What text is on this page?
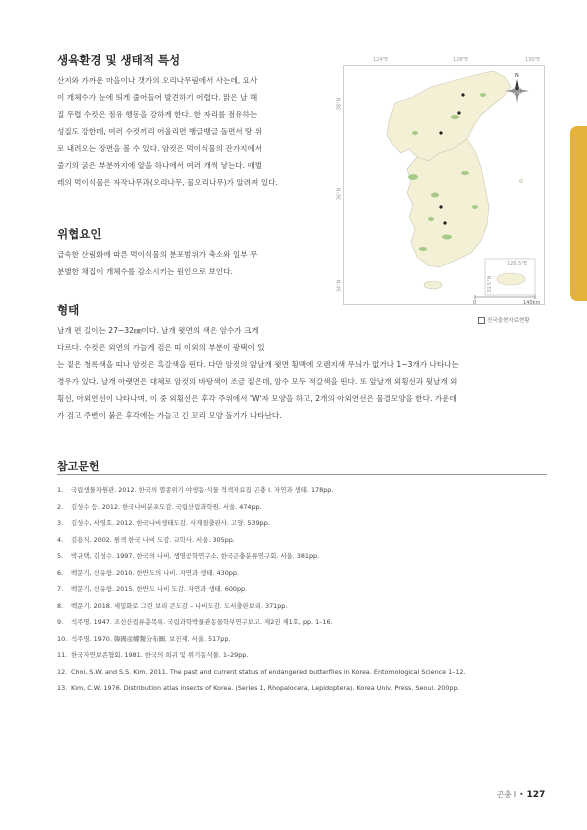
생육환경 및 생태적 특성
산지와 가까운 마을이나 갯가의 오리나무림에서 사는데, 요사
이 개체수가 눈에 띄게 줄어들어 발견하기 어렵다. 맑은 날 해
질 무렵 수컷은 점유 행동을 강하게 한다. 한 자리를 점유하는
성질도 강한데, 여러 수컷끼리 어울리면 뱅글뱅글 돌면서 땅 위
로 내려오는 장면을 볼 수 있다. 암컷은 먹이식물의 잔가지에서
줄기의 굵은 부분까지에 알을 하나에서 여러 개씩 낳는다. 애벌
레의 먹이식물은 자작나무과(오리나무, 물오리나무)가 알려져 있다.
위협요인
급속한 산림화에 따른 먹이식물의 분포범위가 축소와 일부 무
분별한 채집이 개체수를 감소시키는 원인으로 보인다.
형태
날개 편 길이는 27~32㎜이다. 날개 윗면의 색은 암수가 크게
다르다. 수컷은 외연의 가늘게 검은 띠 이외의 부분이 광택이 있
는 짙은 청록색을 띠나 암컷은 흑갈색을 띤다. 다만 암컷의 앞날개 윗면 횡맥에 오렌지색 무늬가 없거나 1~3개가 나타나는
경우가 있다. 날개 아랫면은 대체로 암컷의 바탕색이 조금 짙은데, 암수 모두 적갈색을 띤다. 또 앞날개 외횡선과 뒷날개 외
횡선, 아외연선이 나타나며, 이 중 외횡선은 후각 주위에서 'W'자 모양을 하고, 2개의 아외연선은 물결모양을 한다. 가운데
가 검고 주변이 붉은 후각에는 가늘고 긴 꼬리 모양 돌기가 나타난다.
124°E	128°E	130°E
38°N
36°N
34°N
126.5°E
33.5°N
N
0	140km
전국출현자료현황
참고문헌
1. 국립생물자원관. 2012. 한국의 멸종위기 야생동·식물 적색자료집 곤충 I. 자연과 생태. 178pp.
2. 김성수 등. 2012. 한국나비분포도감. 국립산림과학원. 서울. 474pp.
3. 김성수, 서영호. 2012. 한국나비생태도감. 사계절출판사. 고양. 539pp.
4. 김용식. 2002. 원색 한국 나비 도감. 교학사. 서울. 305pp.
5. 박규택, 김성수. 1997. 한국의 나비. 생명공학연구소, 한국곤충분류연구회. 서울. 381pp.
6. 백문기, 신유항. 2010. 한반도의 나비. 자연과 생태. 430pp.
7. 백문기, 신유항. 2015. 한반도 나비 도감. 자연과 생태. 600pp.
8. 백문기. 2018. 세밀화로 그린 보리 큰도감 – 나비도감. 도서출판보리. 371pp.
9. 석주명. 1947. 조선산접류총목록. 국립과학박물관동물학부연구보고. 제2권 제1호, pp. 1–16.
10. 석주명. 1970. 韓國産蝶類分布圖. 보진재. 서울. 517pp.
11. 한국자연보존협회. 1981. 한국의 희귀 및 위기동식물. 1–29pp.
12. Choi, S.W. and S.S. Kim. 2011. The past and current status of endangered butterflies in Korea. Entomological Science 1–12.
13. Kim, C.W. 1976. Distribution atlas insects of Korea. (Series 1, Rhopalocera, Lepidoptera). Korea Univ. Press. Seoul. 200pp.
곤충 I • 127
